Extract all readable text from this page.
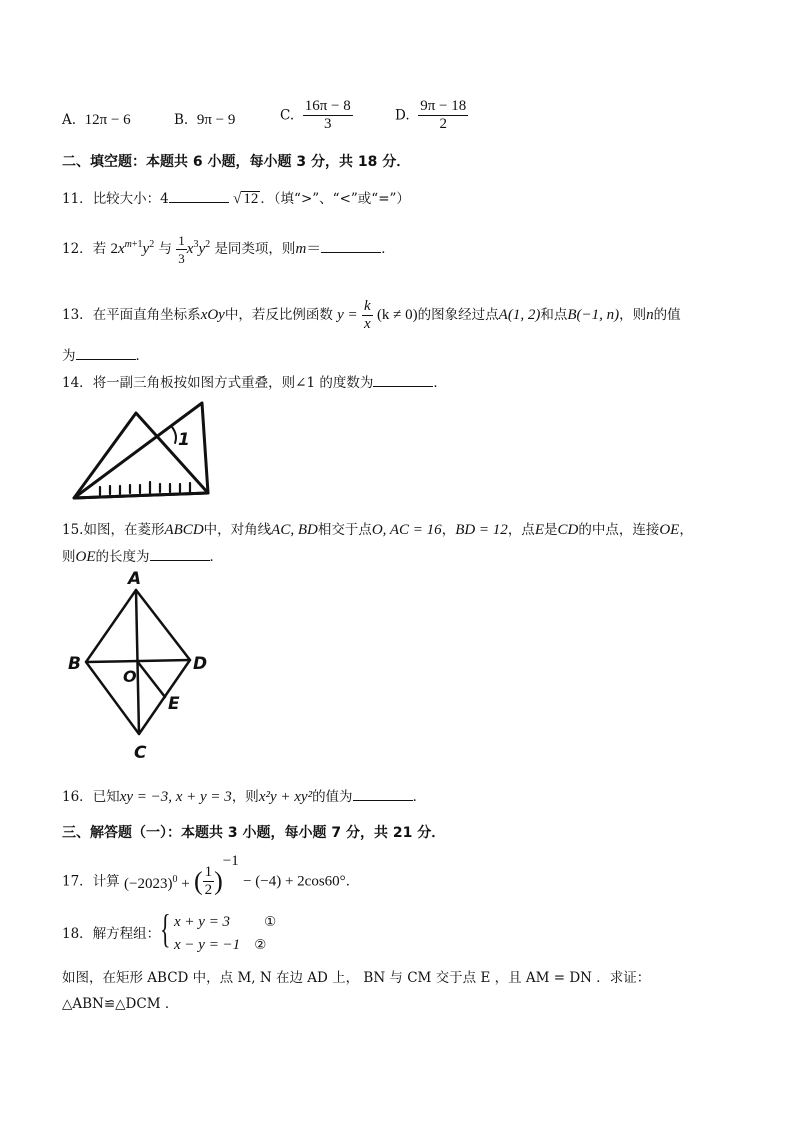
A. 12π − 6	B. 9π − 9	C. $\frac{16\pi - 8}{3}$	D. $\frac{9\pi - 18}{2}$
二、填空题：本题共 6 小题，每小题 3 分，共 18 分．
11．比较大小：4	√ 12 ．（填“>”、“<”或“=”）
12．若 $2x^{m+1}y^2$ 与 $\frac{1}{3} x^3y^2$ 是同类项，则m＝	．
13．在平面直角坐标系xOy中，若反比例函数 $y = \frac{k}{x} (k \ne 0)$的图象经过点A(1, 2)和点B(−1, n)，则n的值
为	．
14．将一副三角板按如图方式重叠，则∠1 的度数为	．
1
15.如图，在菱形ABCD中，对角线AC, BD相交于点O, AC = 16，BD = 12，点E是CD的中点，连接OE，
则OE的长度为	．
A
B	D
O
E
C
16．已知xy = −3, x + y = 3，则x²y + xy²的值为	．
三、解答题（一）：本题共 3 小题，每小题 7 分，共 21 分．
17．计算 $(-2023)^0$ + ( $\frac{1}{2} )^{-1} - (-4) + 2\cos 60^\circ$．
18．解方程组： { x + y = 3	①
x − y = −1 ②
如图，在矩形 ABCD 中，点 M, N 在边 AD 上， BN 与 CM 交于点 E ，且 AM = DN ．求证：
△ABN≌△DCM ．
